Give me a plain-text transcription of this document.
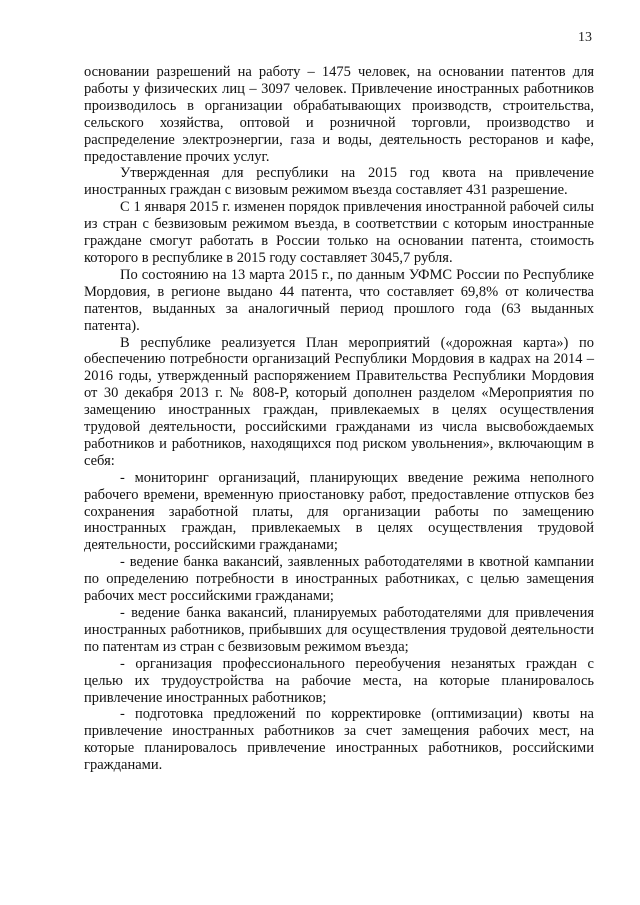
13

основании разрешений на работу – 1475 человек, на основании патентов для работы у физических лиц – 3097 человек. Привлечение иностранных работников производилось в организации обрабатывающих производств, строительства, сельского хозяйства, оптовой и розничной торговли, производство и распределение электроэнергии, газа и воды, деятельность ресторанов и кафе, предоставление прочих услуг.

Утвержденная для республики на 2015 год квота на привлечение иностранных граждан с визовым режимом въезда составляет 431 разрешение.

С 1 января 2015 г. изменен порядок привлечения иностранной рабочей силы из стран с безвизовым режимом въезда, в соответствии с которым иностранные граждане смогут работать в России только на основании патента, стоимость которого в республике в 2015 году составляет 3045,7 рубля.

По состоянию на 13 марта 2015 г., по данным УФМС России по Республике Мордовия, в регионе выдано 44 патента, что составляет 69,8% от количества патентов, выданных за аналогичный период прошлого года (63 выданных патента).

В республике реализуется План мероприятий («дорожная карта») по обеспечению потребности организаций Республики Мордовия в кадрах на 2014 – 2016 годы, утвержденный распоряжением Правительства Республики Мордовия от 30 декабря 2013 г. № 808-Р, который дополнен разделом «Мероприятия по замещению иностранных граждан, привлекаемых в целях осуществления трудовой деятельности, российскими гражданами из числа высвобождаемых работников и работников, находящихся под риском увольнения», включающим в себя:

- мониторинг организаций, планирующих введение режима неполного рабочего времени, временную приостановку работ, предоставление отпусков без сохранения заработной платы, для организации работы по замещению иностранных граждан, привлекаемых в целях осуществления трудовой деятельности, российскими гражданами;

- ведение банка вакансий, заявленных работодателями в квотной кампании по определению потребности в иностранных работниках, с целью замещения рабочих мест российскими гражданами;

- ведение банка вакансий, планируемых работодателями для привлечения иностранных работников, прибывших для осуществления трудовой деятельности по патентам из стран с безвизовым режимом въезда;

- организация профессионального переобучения незанятых граждан с целью их трудоустройства на рабочие места, на которые планировалось привлечение иностранных работников;

- подготовка предложений по корректировке (оптимизации) квоты на привлечение иностранных работников за счет замещения рабочих мест, на которые планировалось привлечение иностранных работников, российскими гражданами.
